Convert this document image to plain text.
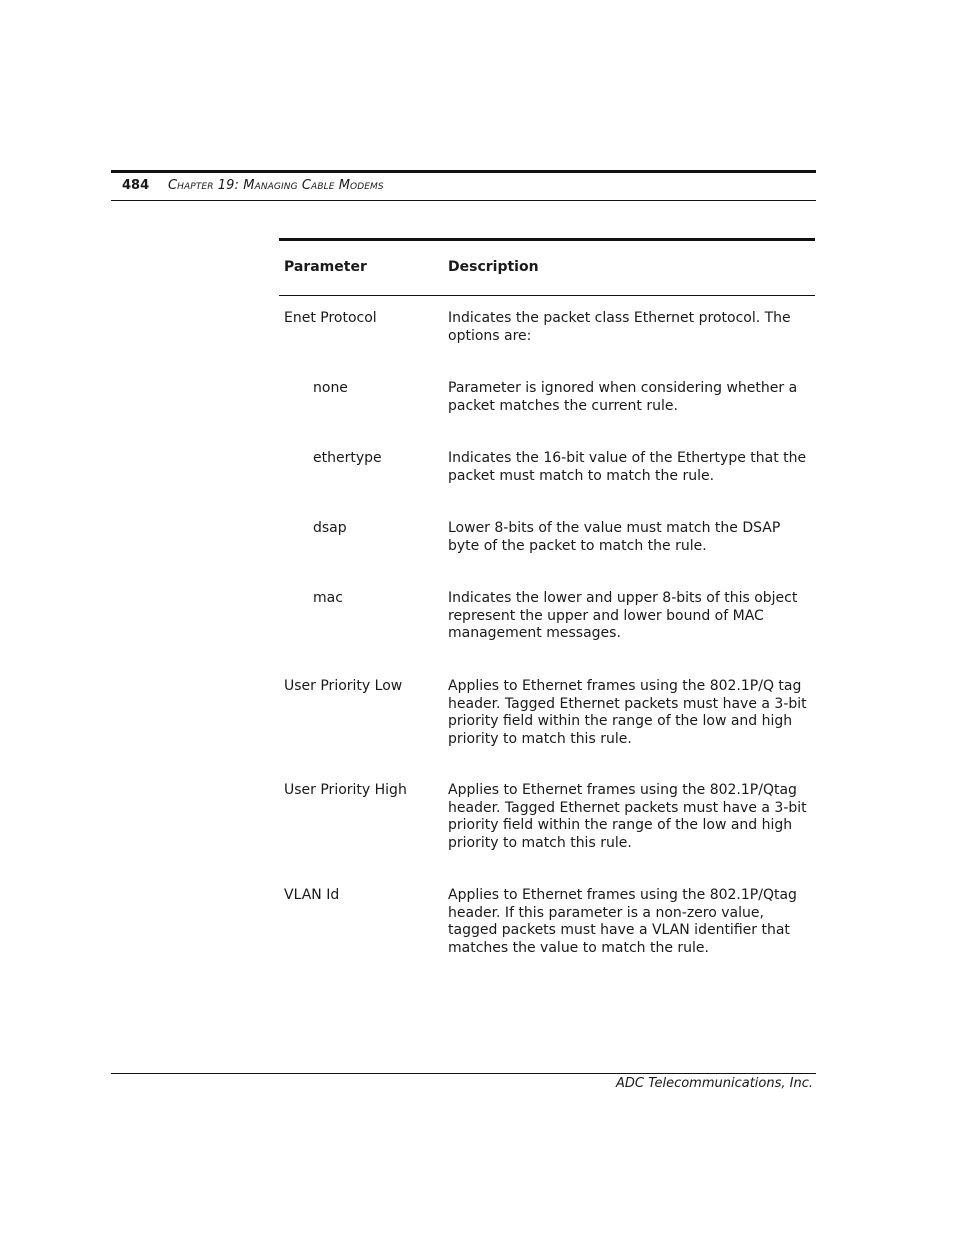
484 Chapter 19: Managing Cable Modems
Parameter	Description
Enet Protocol	Indicates the packet class Ethernet protocol. The options are:
none	Parameter is ignored when considering whether a packet matches the current rule.
ethertype	Indicates the 16-bit value of the Ethertype that the packet must match to match the rule.
dsap	Lower 8-bits of the value must match the DSAP byte of the packet to match the rule.
mac	Indicates the lower and upper 8-bits of this object represent the upper and lower bound of MAC management messages.
User Priority Low	Applies to Ethernet frames using the 802.1P/Q tag header. Tagged Ethernet packets must have a 3-bit priority field within the range of the low and high priority to match this rule.
User Priority High	Applies to Ethernet frames using the 802.1P/Qtag header. Tagged Ethernet packets must have a 3-bit priority field within the range of the low and high priority to match this rule.
VLAN Id	Applies to Ethernet frames using the 802.1P/Qtag header. If this parameter is a non-zero value, tagged packets must have a VLAN identifier that matches the value to match the rule.
ADC Telecommunications, Inc.
